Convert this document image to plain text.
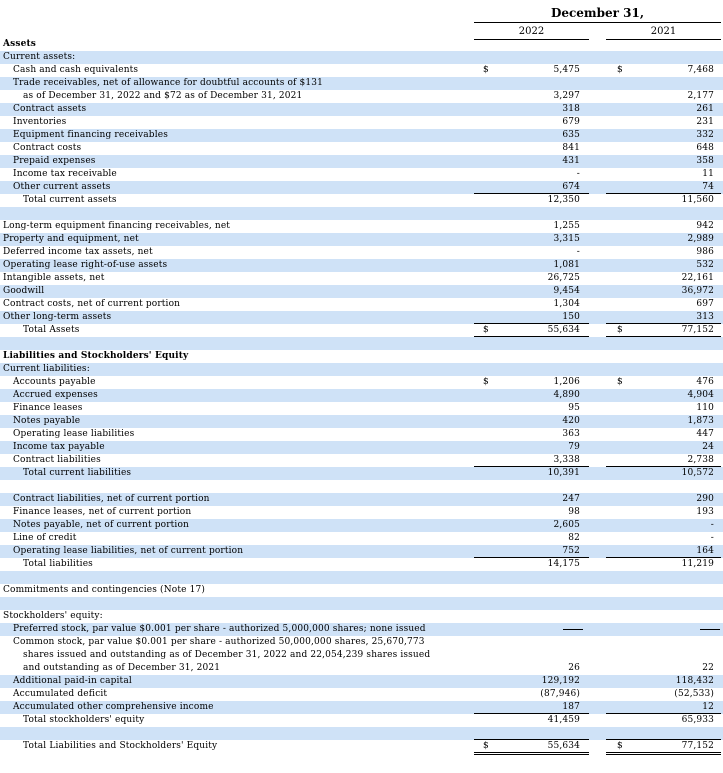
December 31,
2022	2021
Assets
Current assets:
Cash and cash equivalents	$	5,475	$	7,468
Trade receivables, net of allowance for doubtful accounts of $131
as of December 31, 2022 and $72 as of December 31, 2021	3,297	2,177
Contract assets	318	261
Inventories	679	231
Equipment financing receivables	635	332
Contract costs	841	648
Prepaid expenses	431	358
Income tax receivable	-	11
Other current assets	674	74
Total current assets	12,350	11,560
Long-term equipment financing receivables, net	1,255	942
Property and equipment, net	3,315	2,989
Deferred income tax assets, net	-	986
Operating lease right-of-use assets	1,081	532
Intangible assets, net	26,725	22,161
Goodwill	9,454	36,972
Contract costs, net of current portion	1,304	697
Other long-term assets	150	313
Total Assets	$	55,634	$	77,152
Liabilities and Stockholders' Equity
Current liabilities:
Accounts payable	$	1,206	$	476
Accrued expenses	4,890	4,904
Finance leases	95	110
Notes payable	420	1,873
Operating lease liabilities	363	447
Income tax payable	79	24
Contract liabilities	3,338	2,738
Total current liabilities	10,391	10,572
Contract liabilities, net of current portion	247	290
Finance leases, net of current portion	98	193
Notes payable, net of current portion	2,605	-
Line of credit	82	-
Operating lease liabilities, net of current portion	752	164
Total liabilities	14,175	11,219
Commitments and contingencies (Note 17)
Stockholders' equity:
Preferred stock, par value $0.001 per share - authorized 5,000,000 shares; none issued
Common stock, par value $0.001 per share - authorized 50,000,000 shares, 25,670,773
shares issued and outstanding as of December 31, 2022 and 22,054,239 shares issued
and outstanding as of December 31, 2021	26	22
Additional paid-in capital	129,192	118,432
Accumulated deficit	(87,946)	(52,533)
Accumulated other comprehensive income	187	12
Total stockholders' equity	41,459	65,933
Total Liabilities and Stockholders' Equity	$	55,634	$	77,152
